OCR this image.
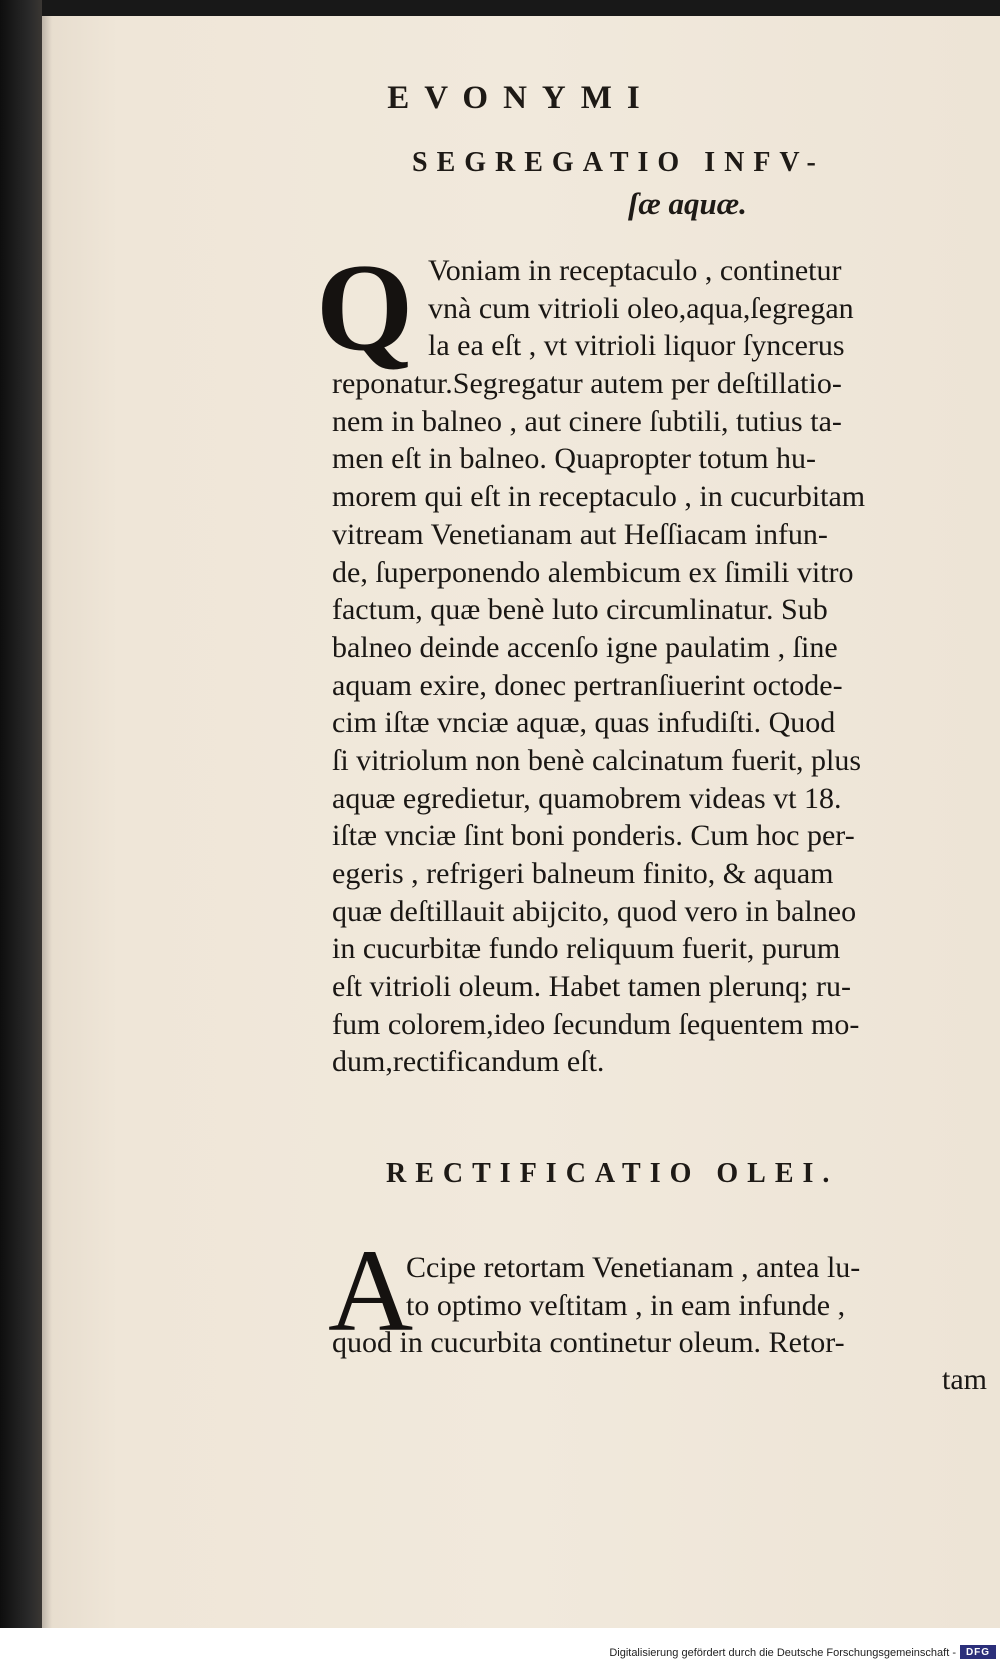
EVONYMI
SEGREGATIO INFV-
ſæ aquæ.
Q Voniam in receptaculo , continetur
vnà cum vitrioli oleo,aqua,ſegregan
la ea eſt , vt vitrioli liquor ſyncerus
reponatur.Segregatur autem per deſtillatio-
nem in balneo , aut cinere ſubtili, tutius ta-
men eſt in balneo. Quapropter totum hu-
morem qui eſt in receptaculo , in cucurbitam
vitream Venetianam aut Heſſiacam infun-
de, ſuperponendo alembicum ex ſimili vitro
factum, quæ benè luto circumlinatur. Sub
balneo deinde accenſo igne paulatim , ſine
aquam exire, donec pertranſiuerint octode-
cim iſtæ vnciæ aquæ, quas infudiſti. Quod
ſi vitriolum non benè calcinatum fuerit, plus
aquæ egredietur, quamobrem videas vt 18.
iſtæ vnciæ ſint boni ponderis. Cum hoc per-
egeris , refrigeri balneum finito, & aquam
quæ deſtillauit abijcito, quod vero in balneo
in cucurbitæ fundo reliquum fuerit, purum
eſt vitrioli oleum. Habet tamen plerunq; ru-
fum colorem,ideo ſecundum ſequentem mo-
dum,rectificandum eſt.
RECTIFICATIO OLEI.
A
Ccipe retortam Venetianam , antea lu-
to optimo veſtitam , in eam infunde ,
quod in cucurbita continetur oleum. Retor-
tam
Digitalisierung gefördert durch die Deutsche Forschungsgemeinschaft - DFG
